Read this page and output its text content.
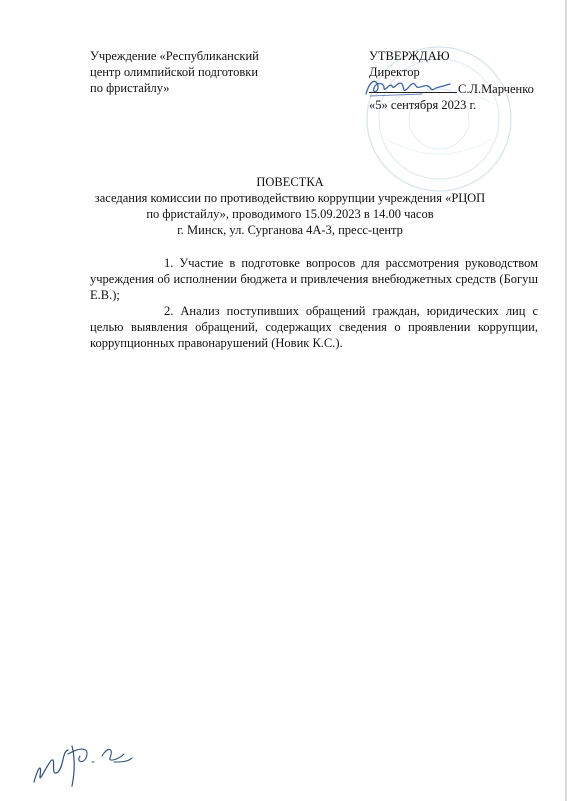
Учреждение «Республиканский
центр олимпийской подготовки
по фристайлу»
УТВЕРЖДАЮ
Директор
С.Л.Марченко
«5» сентября 2023 г.
ПОВЕСТКА
заседания комиссии по противодействию коррупции учреждения «РЦОП
по фристайлу», проводимого 15.09.2023 в 14.00 часов
г. Минск, ул. Сурганова 4А-3, пресс-центр

1. Участие в подготовке вопросов для рассмотрения руководством учреждения об исполнении бюджета и привлечения внебюджетных средств (Богуш Е.В.);

2. Анализ поступивших обращений граждан, юридических лиц с целью выявления обращений, содержащих сведения о проявлении коррупции, коррупционных правонарушений (Новик К.С.).
